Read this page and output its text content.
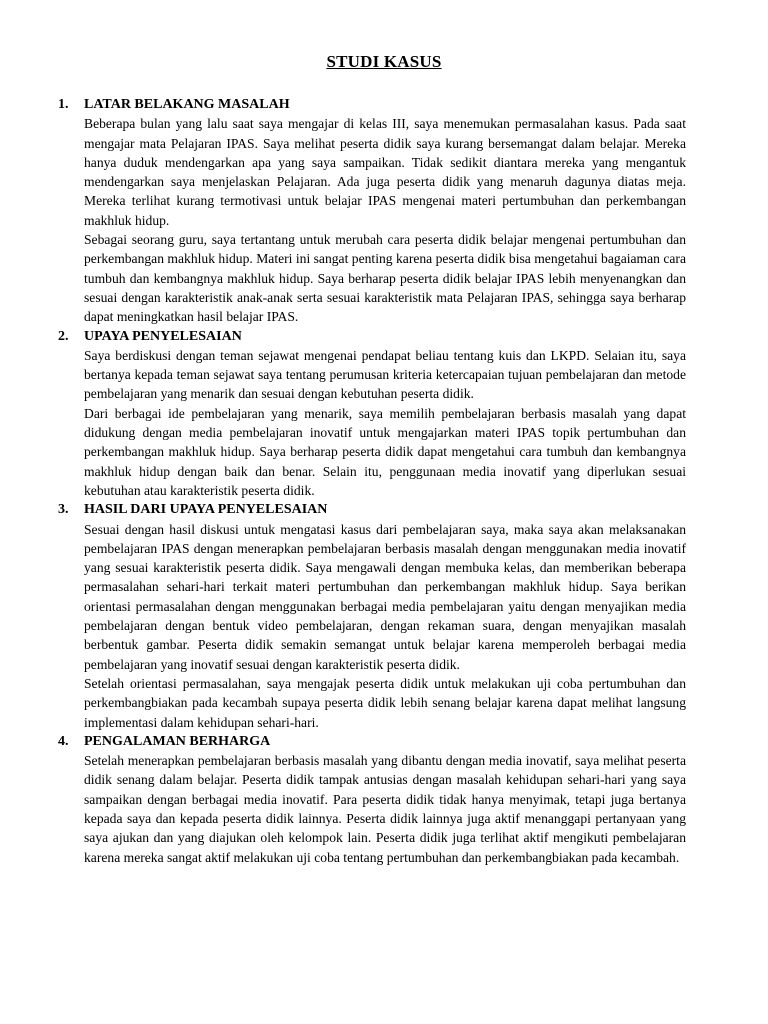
STUDI KASUS
1. LATAR BELAKANG MASALAH

Beberapa bulan yang lalu saat saya mengajar di kelas III, saya menemukan permasalahan kasus. Pada saat mengajar mata Pelajaran IPAS. Saya melihat peserta didik saya kurang bersemangat dalam belajar. Mereka hanya duduk mendengarkan apa yang saya sampaikan. Tidak sedikit diantara mereka yang mengantuk mendengarkan saya menjelaskan Pelajaran. Ada juga peserta didik yang menaruh dagunya diatas meja. Mereka terlihat kurang termotivasi untuk belajar IPAS mengenai materi pertumbuhan dan perkembangan makhluk hidup.

Sebagai seorang guru, saya tertantang untuk merubah cara peserta didik belajar mengenai pertumbuhan dan perkembangan makhluk hidup. Materi ini sangat penting karena peserta didik bisa mengetahui bagaiaman cara tumbuh dan kembangnya makhluk hidup. Saya berharap peserta didik belajar IPAS lebih menyenangkan dan sesuai dengan karakteristik anak-anak serta sesuai karakteristik mata Pelajaran IPAS, sehingga saya berharap dapat meningkatkan hasil belajar IPAS.

2. UPAYA PENYELESAIAN

Saya berdiskusi dengan teman sejawat mengenai pendapat beliau tentang kuis dan LKPD. Selaian itu, saya bertanya kepada teman sejawat saya tentang perumusan kriteria ketercapaian tujuan pembelajaran dan metode pembelajaran yang menarik dan sesuai dengan kebutuhan peserta didik.

Dari berbagai ide pembelajaran yang menarik, saya memilih pembelajaran berbasis masalah yang dapat didukung dengan media pembelajaran inovatif untuk mengajarkan materi IPAS topik pertumbuhan dan perkembangan makhluk hidup. Saya berharap peserta didik dapat mengetahui cara tumbuh dan kembangnya makhluk hidup dengan baik dan benar. Selain itu, penggunaan media inovatif yang diperlukan sesuai kebutuhan atau karakteristik peserta didik.

3. HASIL DARI UPAYA PENYELESAIAN

Sesuai dengan hasil diskusi untuk mengatasi kasus dari pembelajaran saya, maka saya akan melaksanakan pembelajaran IPAS dengan menerapkan pembelajaran berbasis masalah dengan menggunakan media inovatif yang sesuai karakteristik peserta didik. Saya mengawali dengan membuka kelas, dan memberikan beberapa permasalahan sehari-hari terkait materi pertumbuhan dan perkembangan makhluk hidup. Saya berikan orientasi permasalahan dengan menggunakan berbagai media pembelajaran yaitu dengan menyajikan media pembelajaran dengan bentuk video pembelajaran, dengan rekaman suara, dengan menyajikan masalah berbentuk gambar. Peserta didik semakin semangat untuk belajar karena memperoleh berbagai media pembelajaran yang inovatif sesuai dengan karakteristik peserta didik.

Setelah orientasi permasalahan, saya mengajak peserta didik untuk melakukan uji coba pertumbuhan dan perkembangbiakan pada kecambah supaya peserta didik lebih senang belajar karena dapat melihat langsung implementasi dalam kehidupan sehari-hari.

4. PENGALAMAN BERHARGA

Setelah menerapkan pembelajaran berbasis masalah yang dibantu dengan media inovatif, saya melihat peserta didik senang dalam belajar. Peserta didik tampak antusias dengan masalah kehidupan sehari-hari yang saya sampaikan dengan berbagai media inovatif. Para peserta didik tidak hanya menyimak, tetapi juga bertanya kepada saya dan kepada peserta didik lainnya. Peserta didik lainnya juga aktif menanggapi pertanyaan yang saya ajukan dan yang diajukan oleh kelompok lain. Peserta didik juga terlihat aktif mengikuti pembelajaran karena mereka sangat aktif melakukan uji coba tentang pertumbuhan dan perkembangbiakan pada kecambah.
